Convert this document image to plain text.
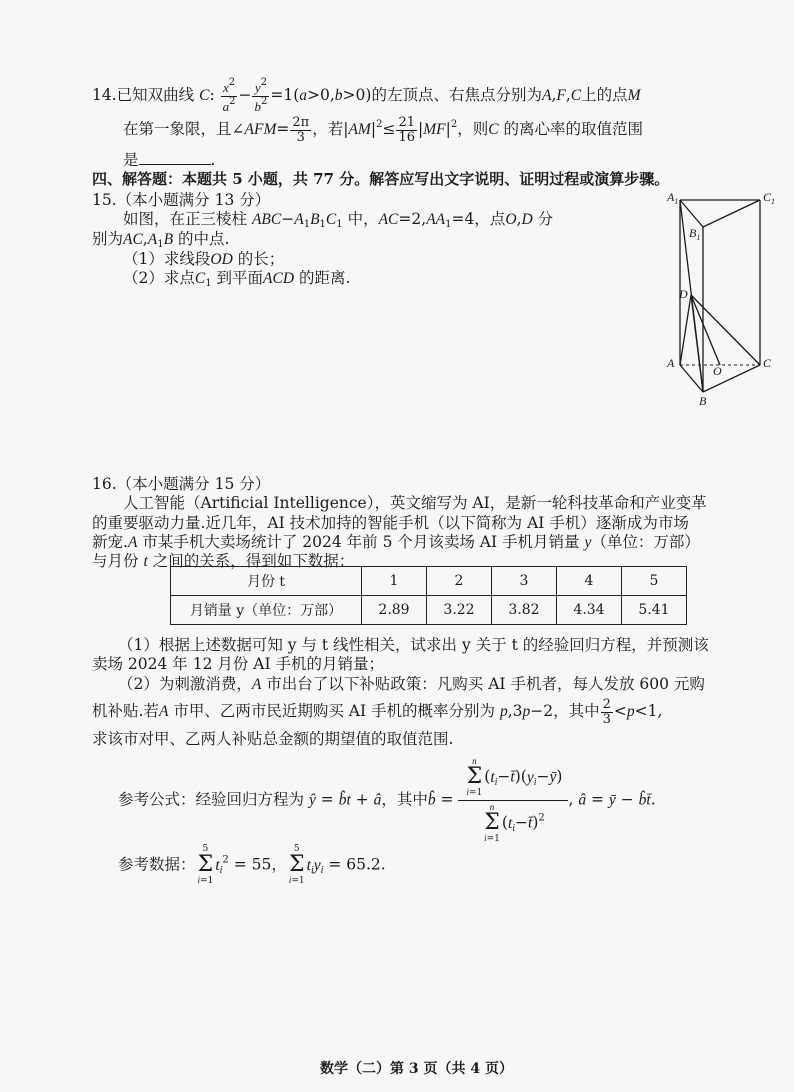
14.已知双曲线 C: $\frac{x^2}{a^2} - \frac{y^2}{b^2} =1(a>0,b>0)$的左顶点、右焦点分别为A,F,C上的点M
在第一象限，且∠AFM= $\frac{2\pi}{3}$ ，若$|AM|^2\le \frac{21}{16} |MF|^2$，则C 的离心率的取值范围
是	.
四、解答题：本题共 5 小题，共 77 分。解答应写出文字说明、证明过程或演算步骤。
15.（本小题满分 13 分）
如图，在正三棱柱 $ABC-A_1B_1C_1$ 中，$AC=2,AA_1=4$，点O,D 分
别为$AC,A_1B$ 的中点.
（1）求线段OD 的长；
（2）求点$C_1$ 到平面ACD 的距离.
$A_1$	$C_1$
$B_1$
D
A
O
C
B
16.（本小题满分 15 分）
人工智能（Artificial Intelligence），英文缩写为 AI，是新一轮科技革命和产业变革
的重要驱动力量.近几年，AI 技术加持的智能手机（以下简称为 AI 手机）逐渐成为市场
新宠.A 市某手机大卖场统计了 2024 年前 5 个月该卖场 AI 手机月销量 y（单位：万部）
与月份 t 之间的关系，得到如下数据：
月份 t	1	2	3	4	5
月销量 y（单位：万部）	2.89	3.22	3.82	4.34	5.41
（1）根据上述数据可知 y 与 t 线性相关，试求出 y 关于 t 的经验回归方程，并预测该
卖场 2024 年 12 月份 AI 手机的月销量；
（2）为刺激消费，A 市出台了以下补贴政策：凡购买 AI 手机者，每人发放 600 元购
机补贴.若A 市甲、乙两市民近期购买 AI 手机的概率分别为 p,3p−2，其中 $\frac{2}{3} <p<1$,
求该市对甲、乙两人补贴总金额的期望值的取值范围.
参考公式：经验回归方程为 ŷ = b̂t + â，其中b̂ = n
Σ
i=1
$(t_i-t̄)(y_i-ȳ)$
n
Σ
i=1
$(t_i-t̄)^2$ , â = ȳ − b̂t̄.
参考数据：
5
Σ
i=1
$t_i^2 = 55$，
5
Σ
i=1
$t_iy_i = 65.2$.
数学（二）第 3 页（共 4 页）
